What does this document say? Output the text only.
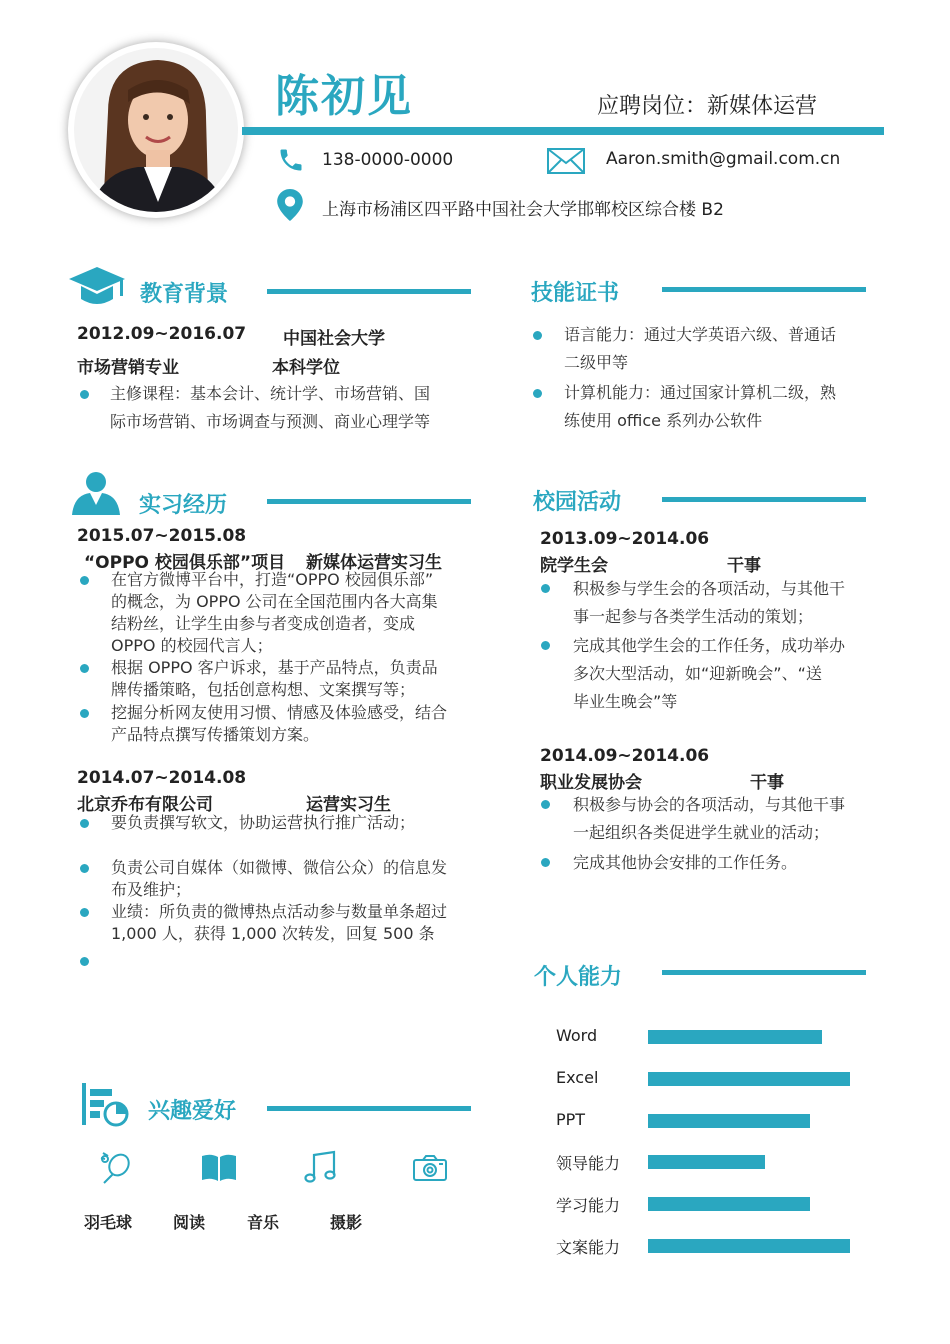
陈初见	应聘岗位：新媒体运营
138-0000-0000	Aaron.smith@gmail.com.cn
上海市杨浦区四平路中国社会大学邯郸校区综合楼 B2
教育背景
2012.09~2016.07 中国社会大学
市场营销专业	本科学位
主修课程：基本会计、统计学、市场营销、国
际市场营销、市场调查与预测、商业心理学等
技能证书
语言能力：通过大学英语六级、普通话
二级甲等
计算机能力：通过国家计算机二级，熟
练使用 office 系列办公软件
实习经历
2015.07~2015.08
“OPPO 校园俱乐部”项目 新媒体运营实习生
在官方微博平台中，打造“OPPO 校园俱乐部”
的概念，为 OPPO 公司在全国范围内各大高集
结粉丝，让学生由参与者变成创造者，变成
OPPO 的校园代言人；
根据 OPPO 客户诉求，基于产品特点，负责品
牌传播策略，包括创意构想、文案撰写等；
挖掘分析网友使用习惯、情感及体验感受，结合
产品特点撰写传播策划方案。
2014.07~2014.08
北京乔布有限公司	运营实习生
要负责撰写软文，协助运营执行推广活动；
负责公司自媒体（如微博、微信公众）的信息发
布及维护；
业绩：所负责的微博热点活动参与数量单条超过
1,000 人，获得 1,000 次转发，回复 500 条
校园活动
2013.09~2014.06
院学生会	干事
积极参与学生会的各项活动，与其他干
事一起参与各类学生活动的策划；
完成其他学生会的工作任务，成功举办
多次大型活动，如“迎新晚会”、“送
毕业生晚会”等
2014.09~2014.06
职业发展协会	干事
积极参与协会的各项活动，与其他干事
一起组织各类促进学生就业的活动；
完成其他协会安排的工作任务。
兴趣爱好
羽毛球	阅读	音乐	摄影
个人能力
Word
Excel
PPT
领导能力
学习能力
文案能力
